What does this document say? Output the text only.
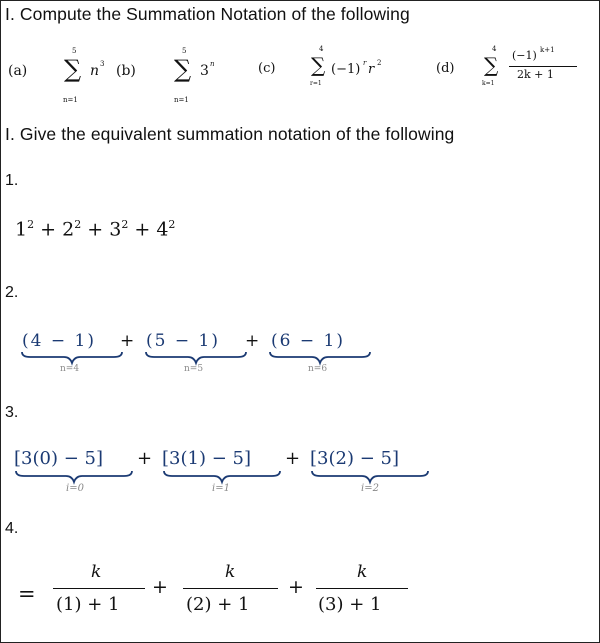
I. Compute the Summation Notation of the following
(a)
5
∑ n 3
n=1
(b)
5
∑ 3 n
n=1
(c)
4
∑ (−1) r r 2
r=1
(d)
4
∑ (−1) k+1
2k + 1
k=1
I. Give the equivalent summation notation of the following
1.
$1^2 + 2^2 + 3^2 + 4^2$
2.
(4 − 1) + (5 − 1) + (6 − 1)
n=4	n=5	n=6
3.
[3(0) − 5] + [3(1) − 5] + [3(2) − 5]
i=0	i=1	i=2
4.
=
k
(1) + 1
+
k
(2) + 1
+
k
(3) + 1
